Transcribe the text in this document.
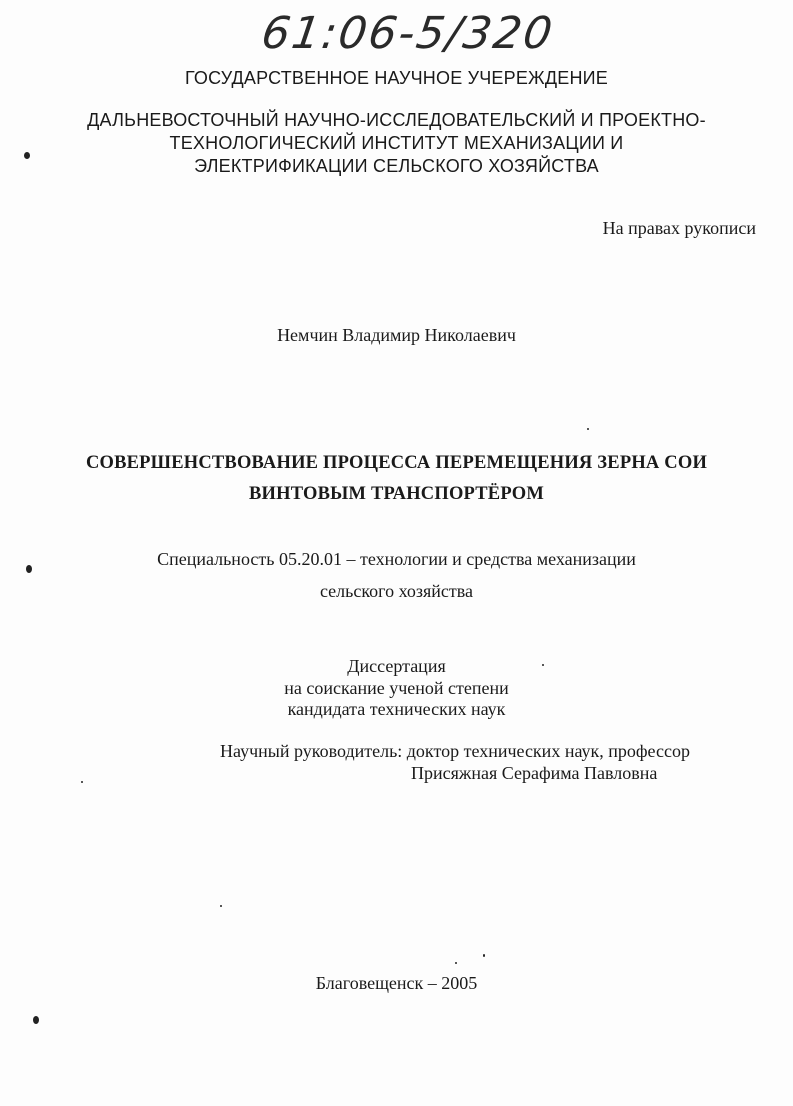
61:06-5/320
ГОСУДАРСТВЕННОЕ НАУЧНОЕ УЧЕРЕЖДЕНИЕ
ДАЛЬНЕВОСТОЧНЫЙ НАУЧНО-ИССЛЕДОВАТЕЛЬСКИЙ И ПРОЕКТНО-
ТЕХНОЛОГИЧЕСКИЙ ИНСТИТУТ МЕХАНИЗАЦИИ И
ЭЛЕКТРИФИКАЦИИ СЕЛЬСКОГО ХОЗЯЙСТВА
На правах рукописи
Немчин Владимир Николаевич
СОВЕРШЕНСТВОВАНИЕ ПРОЦЕССА ПЕРЕМЕЩЕНИЯ ЗЕРНА СОИ
ВИНТОВЫМ ТРАНСПОРТЁРОМ
Специальность 05.20.01 – технологии и средства механизации
сельского хозяйства
Диссертация
на соискание ученой степени
кандидата технических наук
Научный руководитель: доктор технических наук, профессор
Присяжная Серафима Павловна
Благовещенск – 2005
